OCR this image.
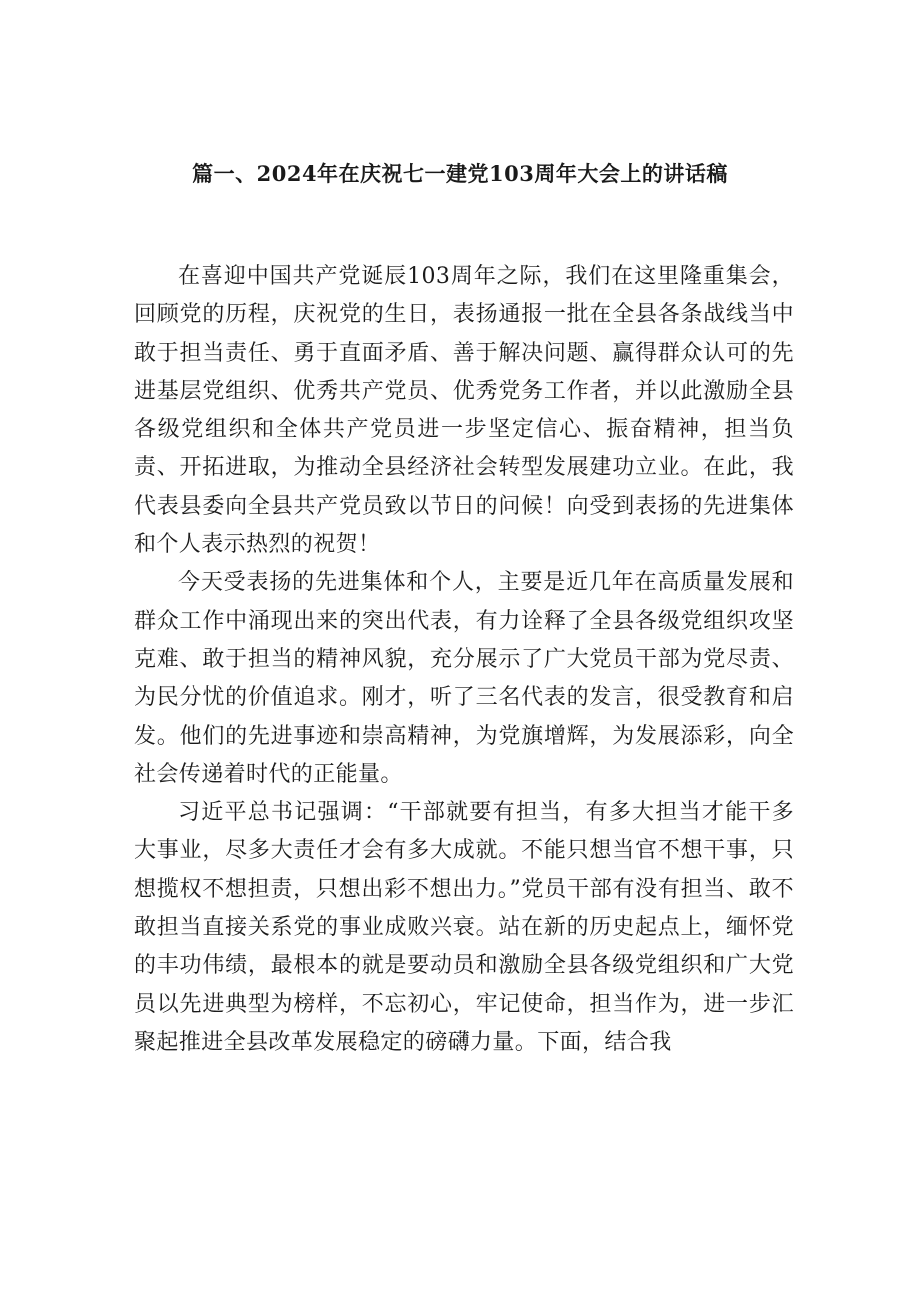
篇一、2024年在庆祝七一建党103周年大会上的讲话稿

在喜迎中国共产党诞辰103周年之际，我们在这里隆重集会，回顾党的历程，庆祝党的生日，表扬通报一批在全县各条战线当中敢于担当责任、勇于直面矛盾、善于解决问题、赢得群众认可的先进基层党组织、优秀共产党员、优秀党务工作者，并以此激励全县各级党组织和全体共产党员进一步坚定信心、振奋精神，担当负责、开拓进取，为推动全县经济社会转型发展建功立业。在此，我代表县委向全县共产党员致以节日的问候！向受到表扬的先进集体和个人表示热烈的祝贺！

今天受表扬的先进集体和个人，主要是近几年在高质量发展和群众工作中涌现出来的突出代表，有力诠释了全县各级党组织攻坚克难、敢于担当的精神风貌，充分展示了广大党员干部为党尽责、为民分忧的价值追求。刚才，听了三名代表的发言，很受教育和启发。他们的先进事迹和崇高精神，为党旗增辉，为发展添彩，向全社会传递着时代的正能量。

习近平总书记强调：“干部就要有担当，有多大担当才能干多大事业，尽多大责任才会有多大成就。不能只想当官不想干事，只想揽权不想担责，只想出彩不想出力。”党员干部有没有担当、敢不敢担当直接关系党的事业成败兴衰。站在新的历史起点上，缅怀党的丰功伟绩，最根本的就是要动员和激励全县各级党组织和广大党员以先进典型为榜样，不忘初心，牢记使命，担当作为，进一步汇聚起推进全县改革发展稳定的磅礴力量。下面，结合我
